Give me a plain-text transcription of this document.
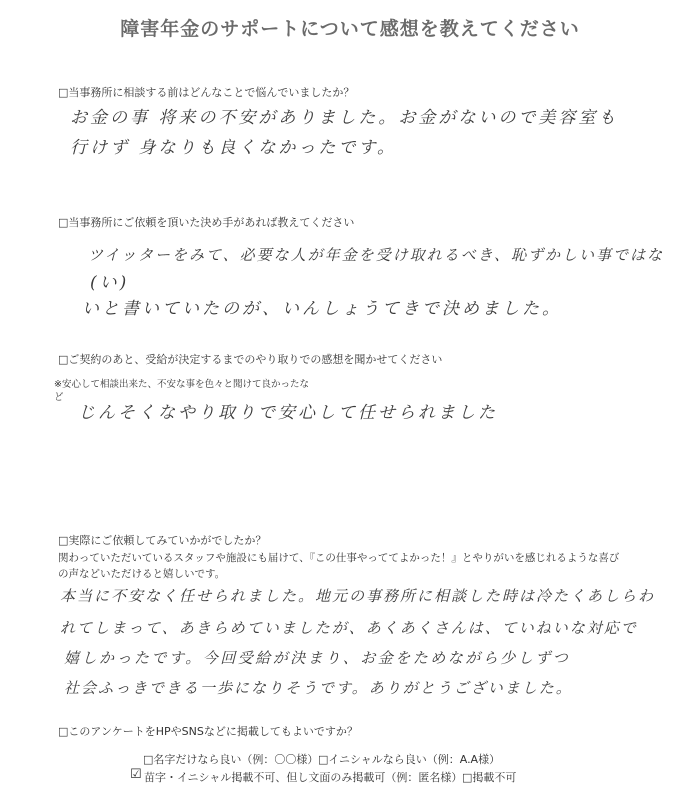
障害年金のサポートについて感想を教えてください
□当事務所に相談する前はどんなことで悩んでいましたか？
お金の事 将来の不安がありました。お金がないので美容室も
行けず 身なりも良くなかったです。
□当事務所にご依頼を頂いた決め手があれば教えてください
ツイッターをみて、必要な人が年金を受け取れるべき、恥ずかしい事ではな
(い)
いと書いていたのが、いんしょうてきで決めました。
□ご契約のあと、受給が決定するまでのやり取りでの感想を聞かせてください
※安心して相談出来た、不安な事を色々と聞けて良かったな
ど
じんそくなやり取りで安心して任せられました
□実際にご依頼してみていかがでしたか？
関わっていただいているスタッフや施設にも届けて、『この仕事やっててよかった！』とやりがいを感じれるような喜び
の声などいただけると嬉しいです。
本当に不安なく任せられました。地元の事務所に相談した時は冷たくあしらわ
れてしまって、あきらめていましたが、あくあくさんは、ていねいな対応で
嬉しかったです。今回受給が決まり、お金をためながら少しずつ
社会ふっきできる一歩になりそうです。ありがとうございました。
□このアンケートをHPやSNSなどに掲載してもよいですか？
□名字だけなら良い（例：〇〇様） □イニシャルなら良い（例：A.A様）
☑ 苗字・イニシャル掲載不可、但し文面のみ掲載可（例：匿名様） □掲載不可
